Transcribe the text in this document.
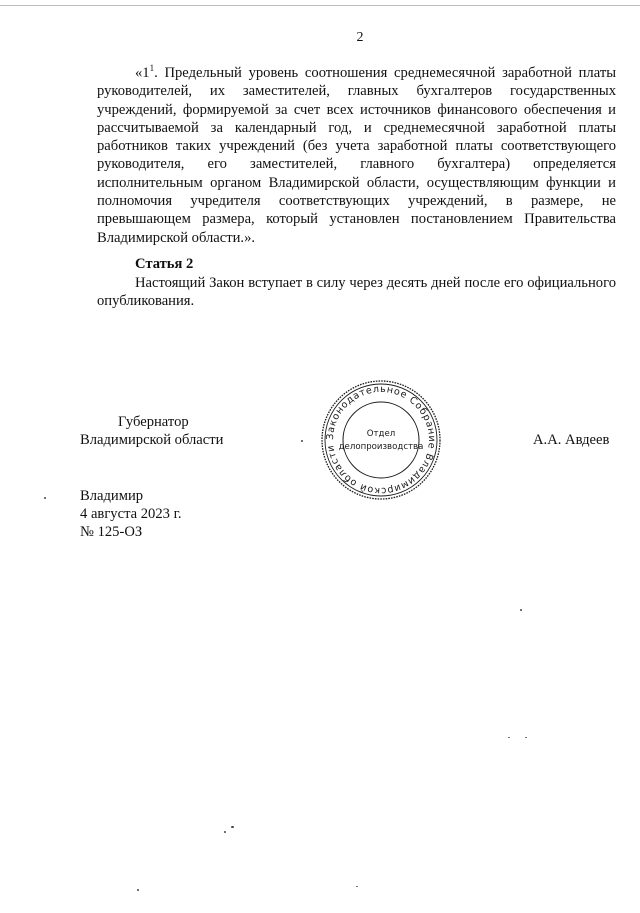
2

«$1^1$. Предельный уровень соотношения среднемесячной заработной платы руководителей, их заместителей, главных бухгалтеров государственных учреждений, формируемой за счет всех источников финансового обеспечения и рассчитываемой за календарный год, и среднемесячной заработной платы работников таких учреждений (без учета заработной платы соответствующего руководителя, его заместителей, главного бухгалтера) определяется исполнительным органом Владимирской области, осуществляющим функции и полномочия учредителя соответствующих учреждений, в размере, не превышающем размера, который установлен постановлением Правительства Владимирской области.».

Статья 2

Настоящий Закон вступает в силу через десять дней после его официального опубликования.

Губернатор
Владимирской области	А.А. Авдеев
Законодательное Собрание Владимирской области
Отдел
делопроизводства
Владимир
4 августа 2023 г.
№ 125-ОЗ
